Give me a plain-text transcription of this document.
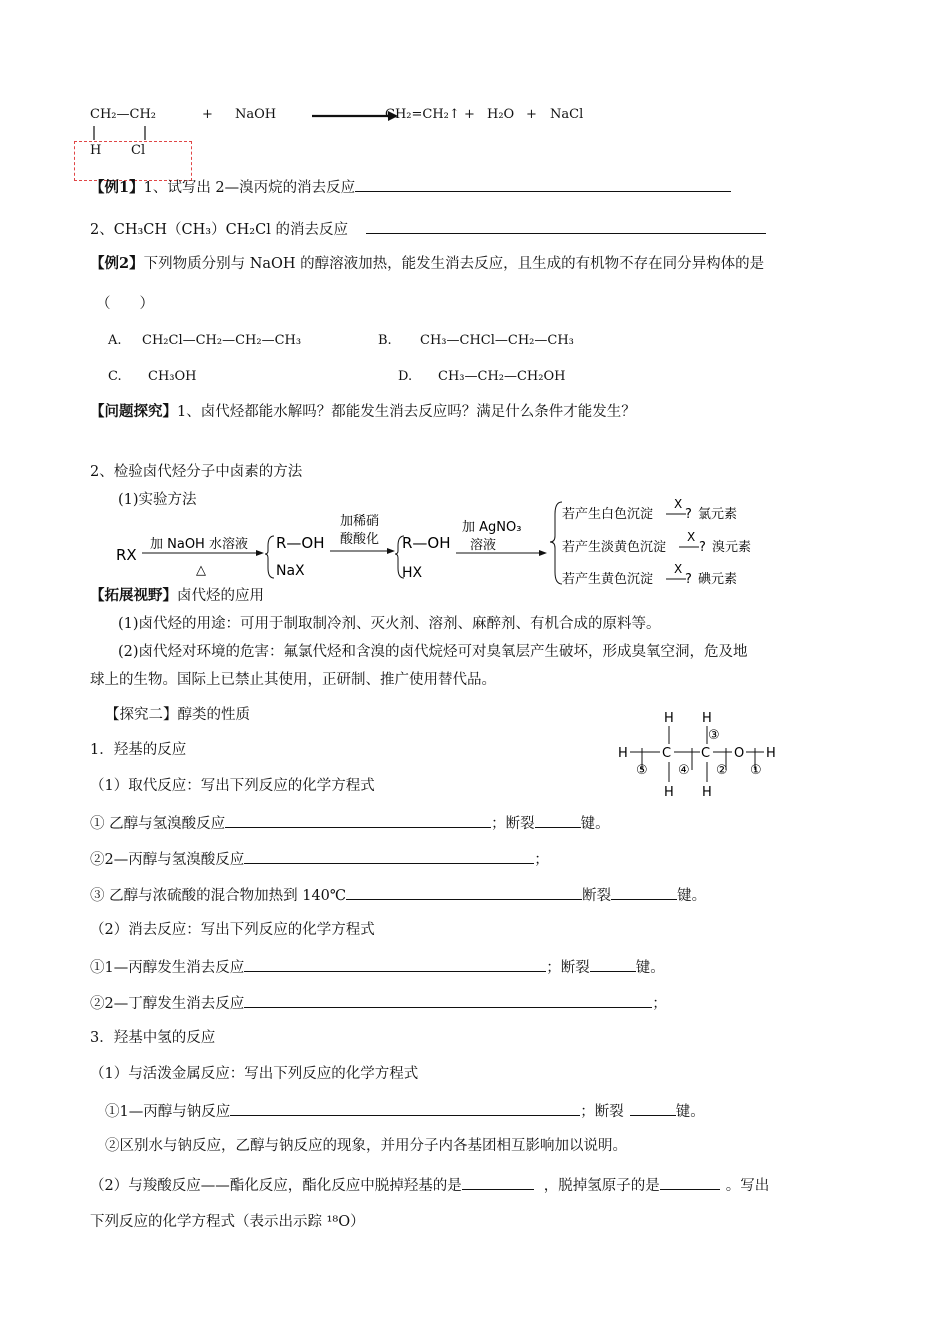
CH₂—CH₂	+ NaOH	CH₂=CH₂↑ + H₂O + NaCl
H Cl
【例1】1、试写出 2—溴丙烷的消去反应
2、CH₃CH（CH₃）CH₂Cl 的消去反应
【例2】下列物质分别与 NaOH 的醇溶液加热，能发生消去反应，且生成的有机物不存在同分异构体的是
（　　）
A. CH₂Cl—CH₂—CH₂—CH₃	B. CH₃—CHCl—CH₂—CH₃
C. CH₃OH	D. CH₃—CH₂—CH₂OH
【问题探究】1、卤代烃都能水解吗？都能发生消去反应吗？满足什么条件才能发生？
2、检验卤代烃分子中卤素的方法
(1)实验方法
RX
加 NaOH 水溶液
△
R—OH
NaX
加稀硝
酸酸化 R—OH
HX
加 AgNO₃
溶液
若产生白色沉淀
X
? 氯元素
若产生淡黄色沉淀
X
? 溴元素
若产生黄色沉淀
X
? 碘元素
【拓展视野】卤代烃的应用
(1)卤代烃的用途：可用于制取制冷剂、灭火剂、溶剂、麻醉剂、有机合成的原料等。
(2)卤代烃对环境的危害：氟氯代烃和含溴的卤代烷烃可对臭氧层产生破坏，形成臭氧空洞，危及地
球上的生物。国际上已禁止其使用，正研制、推广使用替代品。
【探究二】醇类的性质
1．羟基的反应
（1）取代反应：写出下列反应的化学方程式
① 乙醇与氢溴酸反应	；断裂	键。
②2—丙醇与氢溴酸反应	；
③ 乙醇与浓硫酸的混合物加热到 140℃	断裂	键。
（2）消去反应：写出下列反应的化学方程式
①1—丙醇发生消去反应	；断裂	键。
②2—丁醇发生消去反应	；
3．羟基中氢的反应
（1）与活泼金属反应：写出下列反应的化学方程式
①1—丙醇与钠反应	；断裂	键。
②区别水与钠反应，乙醇与钠反应的现象，并用分子内各基团相互影响加以说明。
（2）与羧酸反应——酯化反应，酯化反应中脱掉羟基的是	，脱掉氢原子的是	。写出
下列反应的化学方程式（表示出示踪 ¹⁸O）
H H
③
H	C C O H
⑤ ④ ② ①
H H
